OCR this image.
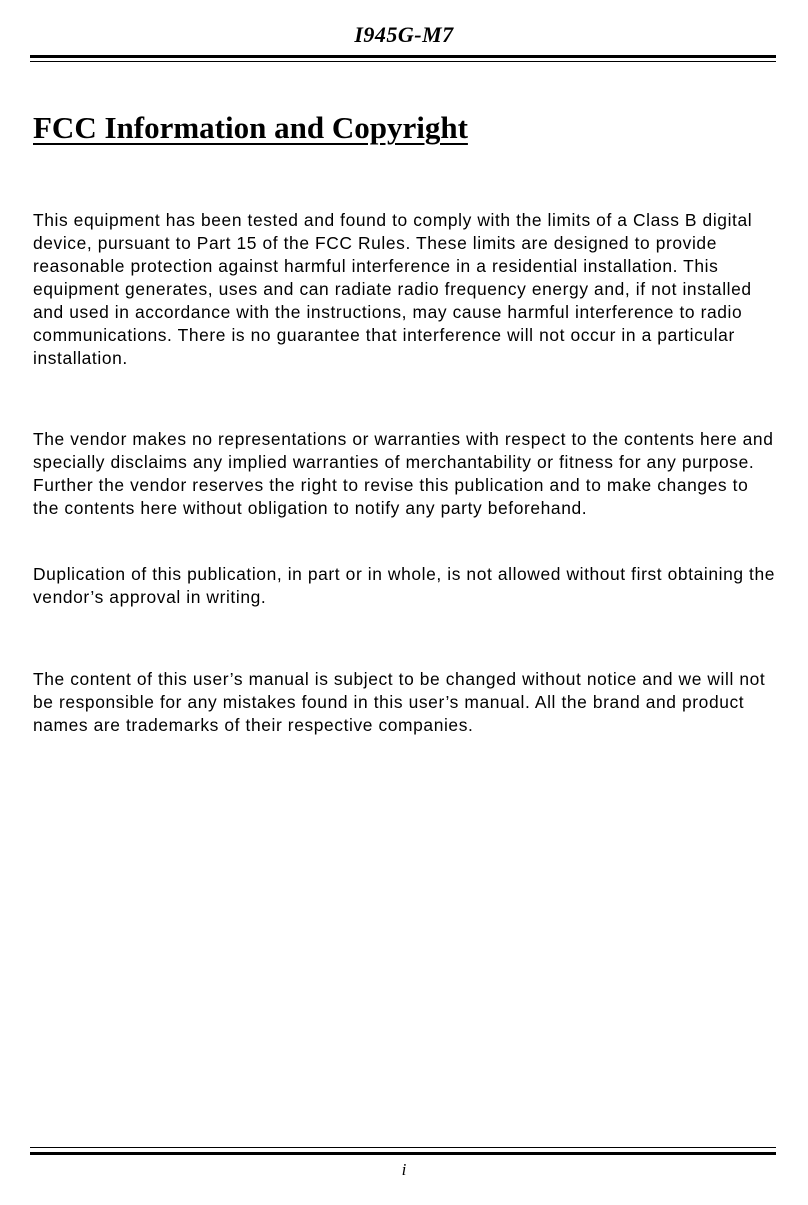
I945G-M7
FCC Information and Copyright

This equipment has been tested and found to comply with the limits of a Class B digital device, pursuant to Part 15 of the FCC Rules. These limits are designed to provide reasonable protection against harmful interference in a residential installation. This equipment generates, uses and can radiate radio frequency energy and, if not installed and used in accordance with the instructions, may cause harmful interference to radio communications. There is no guarantee that interference will not occur in a particular installation.

The vendor makes no representations or warranties with respect to the contents here and specially disclaims any implied warranties of merchantability or fitness for any purpose. Further the vendor reserves the right to revise this publication and to make changes to the contents here without obligation to notify any party beforehand.

Duplication of this publication, in part or in whole, is not allowed without first obtaining the vendor’s approval in writing.

The content of this user’s manual is subject to be changed without notice and we will not be responsible for any mistakes found in this user’s manual. All the brand and product names are trademarks of their respective companies.

i
